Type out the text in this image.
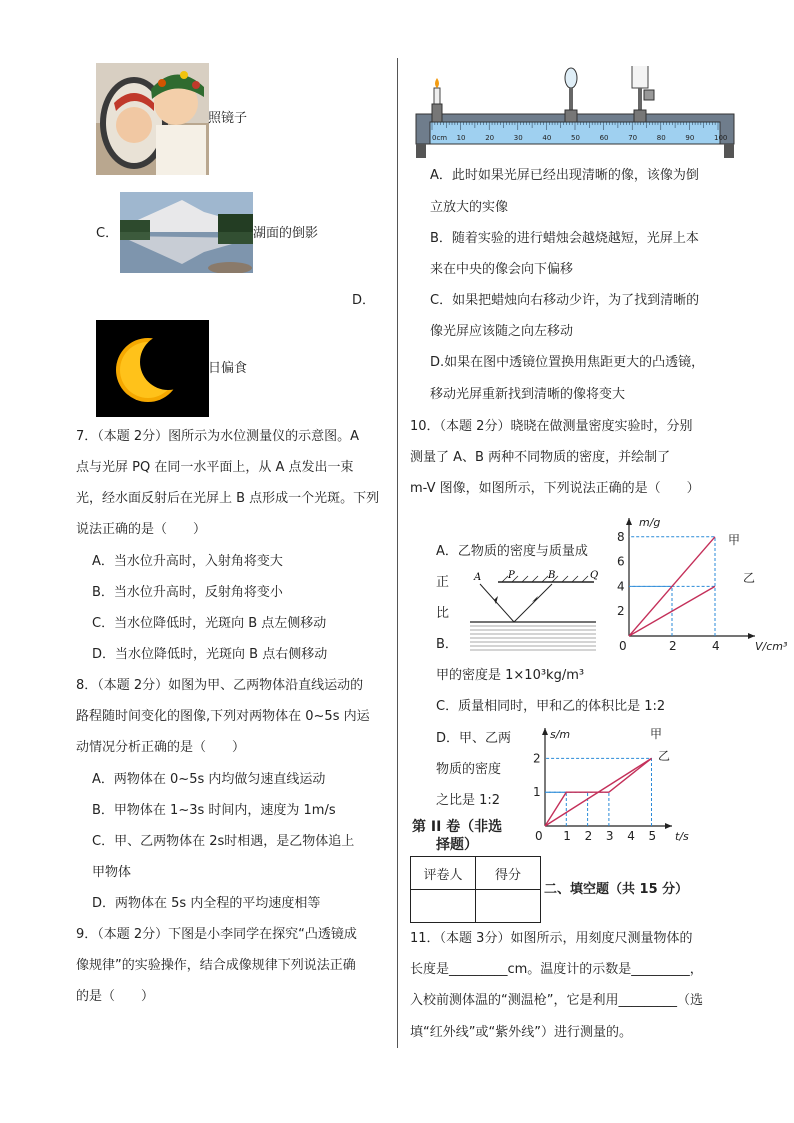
照镜子
C．	湖面的倒影
D．
日偏食
7．（本题 2分）图所示为水位测量仪的示意图。A
点与光屏 PQ 在同一水平面上，从 A 点发出一束
光，经水面反射后在光屏上 B 点形成一个光斑。下列
说法正确的是（　　）
A．当水位升高时，入射角将变大
B．当水位升高时，反射角将变小
C．当水位降低时，光斑向 B 点左侧移动
D．当水位降低时，光斑向 B 点右侧移动
8．（本题 2分）如图为甲、乙两物体沿直线运动的
路程随时间变化的图像,下列对两物体在 0~5s 内运
动情况分析正确的是（　　）
A．两物体在 0~5s 内均做匀速直线运动
B．甲物体在 1~3s 时间内，速度为 1m/s
C．甲、乙两物体在 2s时相遇，是乙物体追上
甲物体
D．两物体在 5s 内全程的平均速度相等
9．（本题 2分）下图是小李同学在探究“凸透镜成
像规律”的实验操作，结合成像规律下列说法正确
的是（　　）
0cm 10	20	30	40	50	60	70	80	90	100
A．此时如果光屏已经出现清晰的像，该像为倒
立放大的实像
B．随着实验的进行蜡烛会越烧越短，光屏上本
来在中央的像会向下偏移
C．如果把蜡烛向右移动少许，为了找到清晰的
像光屏应该随之向左移动
D.如果在图中透镜位置换用焦距更大的凸透镜，
移动光屏重新找到清晰的像将变大
10．（本题 2分）晓晓在做测量密度实验时，分别
测量了 A、B 两种不同物质的密度，并绘制了
m-V 图像，如图所示，下列说法正确的是（　　）
A．乙物质的密度与质量成
正
比
B．
甲的密度是 1×10³kg/m³
C．质量相同时，甲和乙的体积比是 1:2
D．甲、乙两
物质的密度
之比是 1:2
A	P	B	Q
甲
乙
0	2	4
2
4
6
8
V/cm³
m/g
甲
乙
0 1 2 3 4 5
1
2
t/s
s/m
第 II 卷（非选
择题）
评卷人	得分

二、填空题（共 15 分）
11．（本题 3分）如图所示，用刻度尺测量物体的
长度是_________cm。温度计的示数是_________，
入校前测体温的“测温枪”，它是利用_________（选
填“红外线”或“紫外线”）进行测量的。
